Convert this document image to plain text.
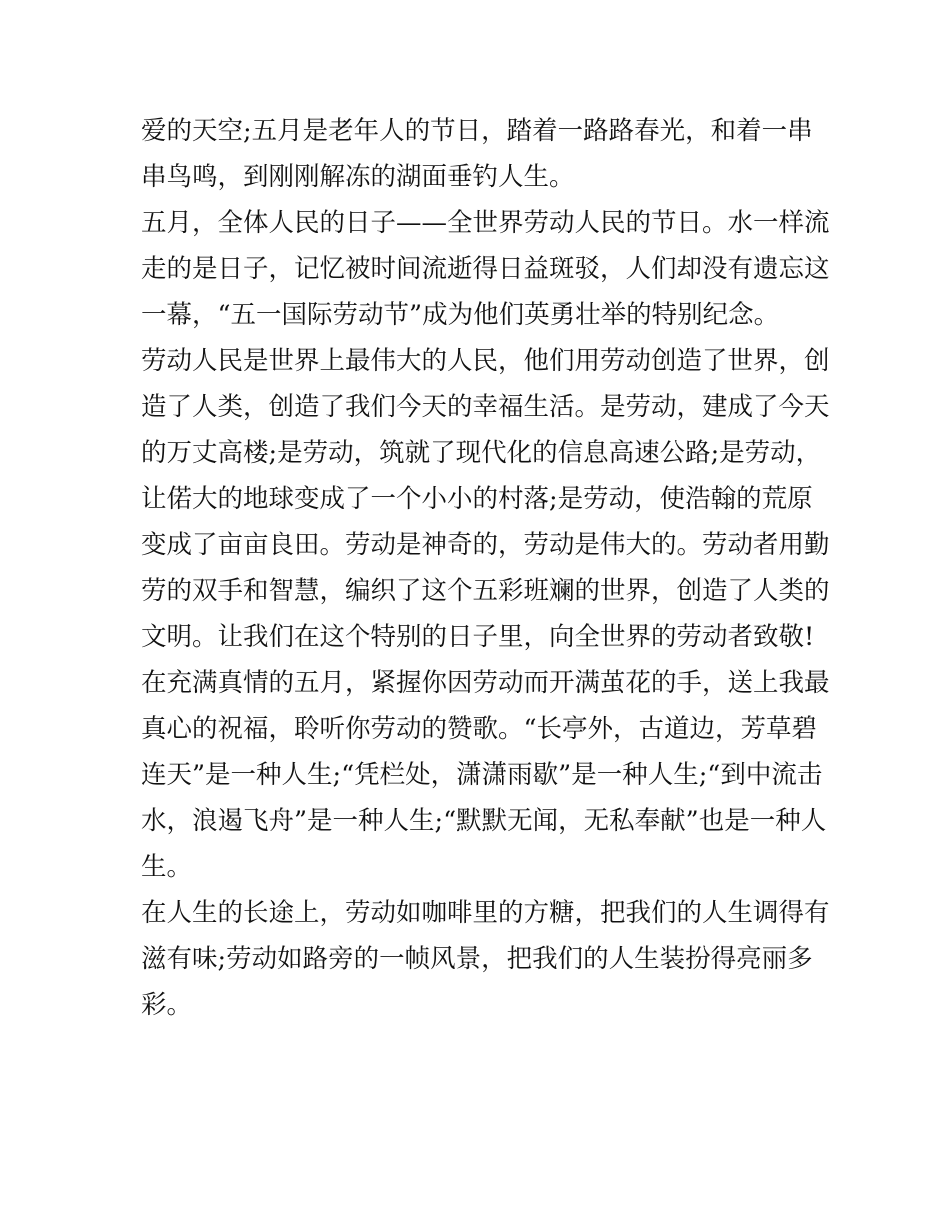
爱的天空;五月是老年人的节日，踏着一路路春光，和着一串
串鸟鸣，到刚刚解冻的湖面垂钓人生。
五月，全体人民的日子——全世界劳动人民的节日。水一样流
走的是日子，记忆被时间流逝得日益斑驳，人们却没有遗忘这
一幕，“五一国际劳动节”成为他们英勇壮举的特别纪念。
劳动人民是世界上最伟大的人民，他们用劳动创造了世界，创
造了人类，创造了我们今天的幸福生活。是劳动，建成了今天
的万丈高楼;是劳动，筑就了现代化的信息高速公路;是劳动，
让偌大的地球变成了一个小小的村落;是劳动，使浩翰的荒原
变成了亩亩良田。劳动是神奇的，劳动是伟大的。劳动者用勤
劳的双手和智慧，编织了这个五彩班斓的世界，创造了人类的
文明。让我们在这个特别的日子里，向全世界的劳动者致敬!
在充满真情的五月，紧握你因劳动而开满茧花的手，送上我最
真心的祝福，聆听你劳动的赞歌。“长亭外，古道边，芳草碧
连天”是一种人生;“凭栏处，潇潇雨歇”是一种人生;“到中流击
水，浪遏飞舟”是一种人生;“默默无闻，无私奉献”也是一种人
生。
在人生的长途上，劳动如咖啡里的方糖，把我们的人生调得有
滋有味;劳动如路旁的一帧风景，把我们的人生装扮得亮丽多
彩。
